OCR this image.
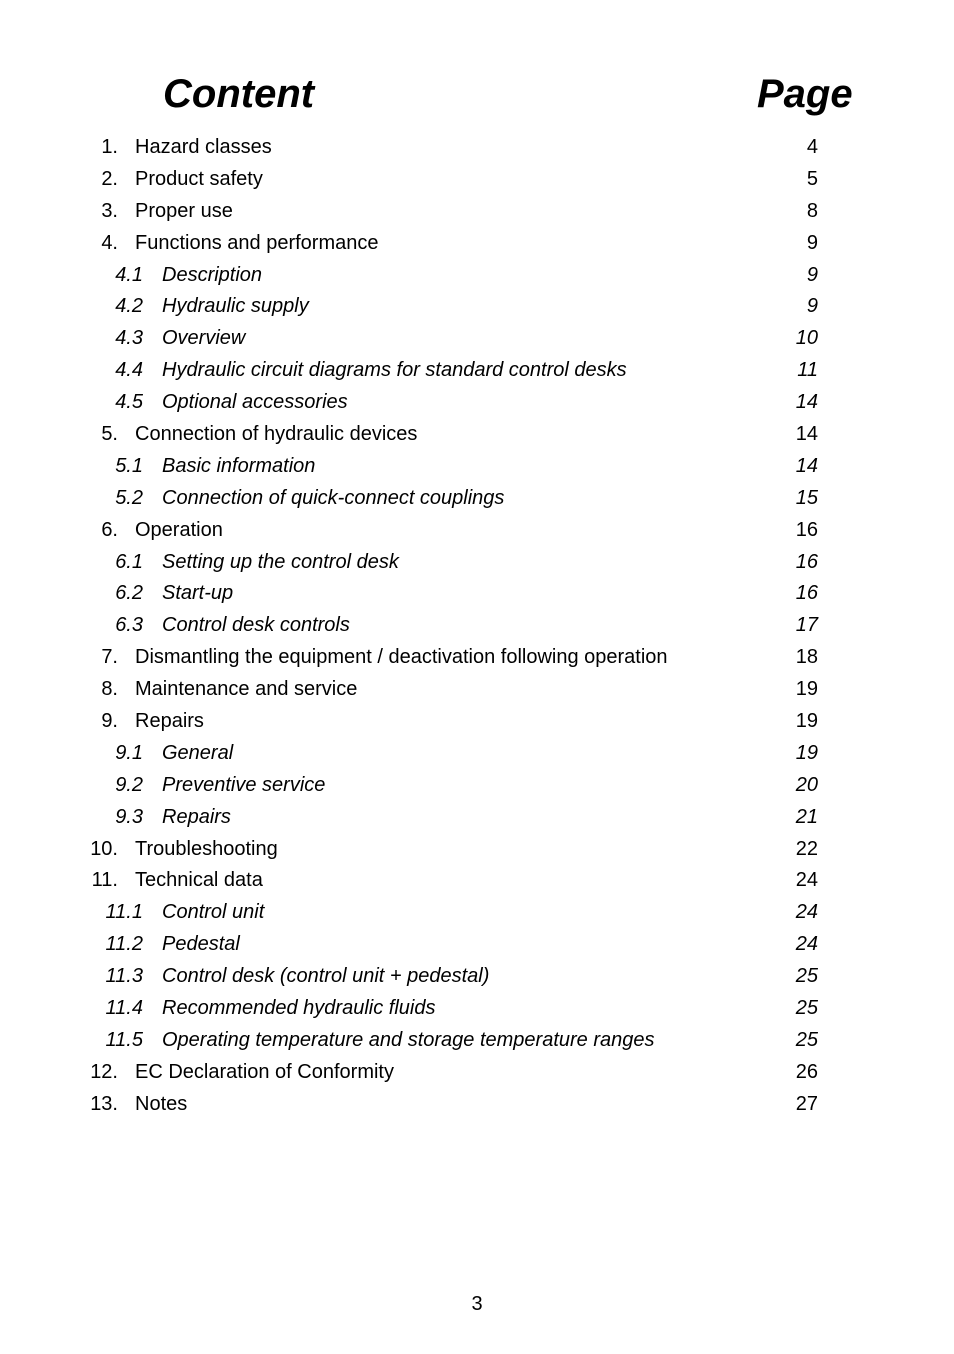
Content	Page
1. Hazard classes	4
2. Product safety	5
3. Proper use	8
4. Functions and performance	9
4.1 Description	9
4.2 Hydraulic supply	9
4.3 Overview	10
4.4 Hydraulic circuit diagrams for standard control desks	11
4.5 Optional accessories	14
5. Connection of hydraulic devices	14
5.1 Basic information	14
5.2 Connection of quick-connect couplings	15
6. Operation	16
6.1 Setting up the control desk	16
6.2 Start-up	16
6.3 Control desk controls	17
7. Dismantling the equipment / deactivation following operation	18
8. Maintenance and service	19
9. Repairs	19
9.1 General	19
9.2 Preventive service	20
9.3 Repairs	21
10. Troubleshooting	22
11. Technical data	24
11.1 Control unit	24
11.2 Pedestal	24
11.3 Control desk (control unit + pedestal)	25
11.4 Recommended hydraulic fluids	25
11.5 Operating temperature and storage temperature ranges	25
12. EC Declaration of Conformity	26
13. Notes	27
3
